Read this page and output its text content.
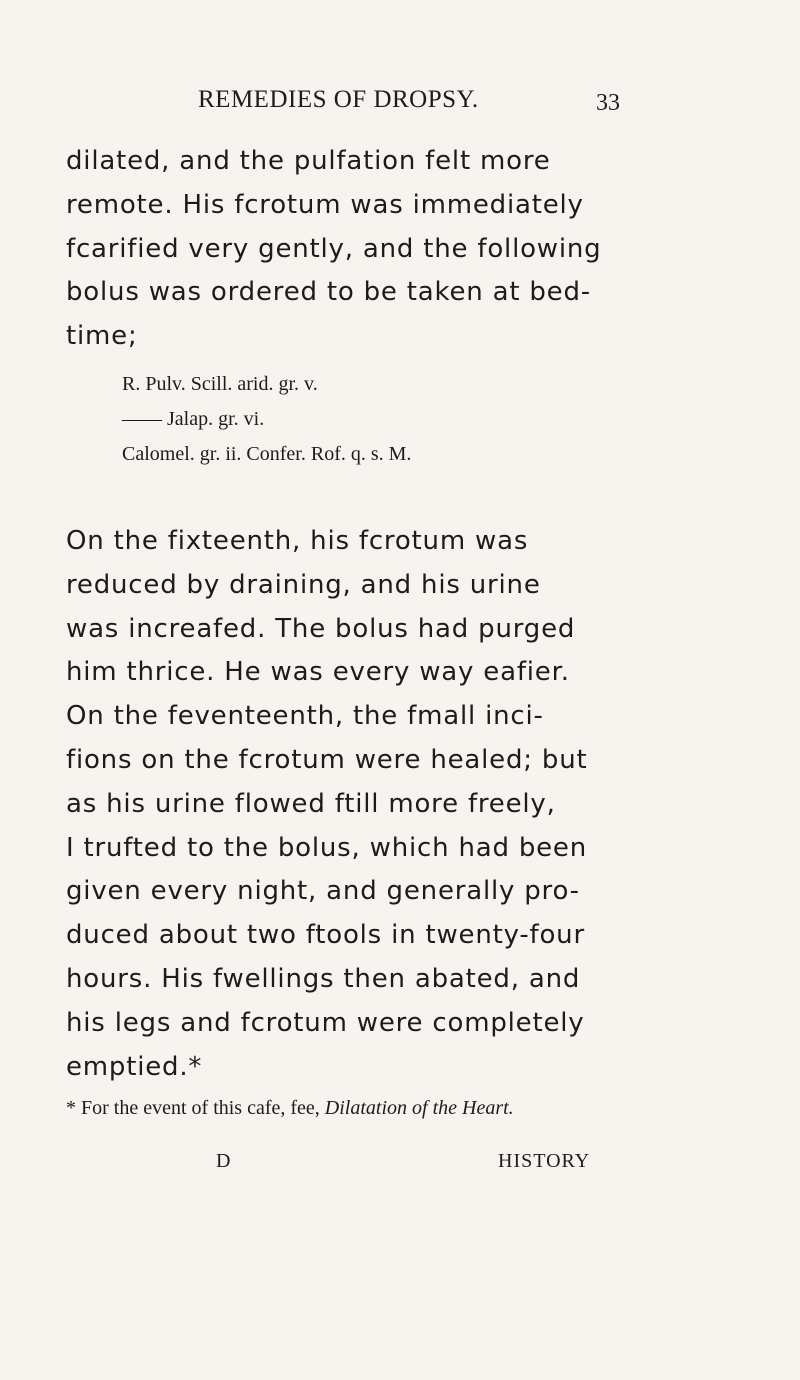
REMEDIES OF DROPSY.	33

dilated, and the pulfation felt more
remote. His fcrotum was immediately
fcarified very gently, and the following
bolus was ordered to be taken at bed-
time;

R. Pulv. Scill. arid. gr. v.
—— Jalap. gr. vi.
Calomel. gr. ii. Confer. Rof. q. s. M.

On the fixteenth, his fcrotum was
reduced by draining, and his urine
was increafed. The bolus had purged
him thrice. He was every way eafier.
On the feventeenth, the fmall inci-
fions on the fcrotum were healed; but
as his urine flowed ftill more freely,
I trufted to the bolus, which had been
given every night, and generally pro-
duced about two ftools in twenty-four
hours. His fwellings then abated, and
his legs and fcrotum were completely
emptied.*

* For the event of this cafe, fee, Dilatation of the Heart.
D	HISTORY
